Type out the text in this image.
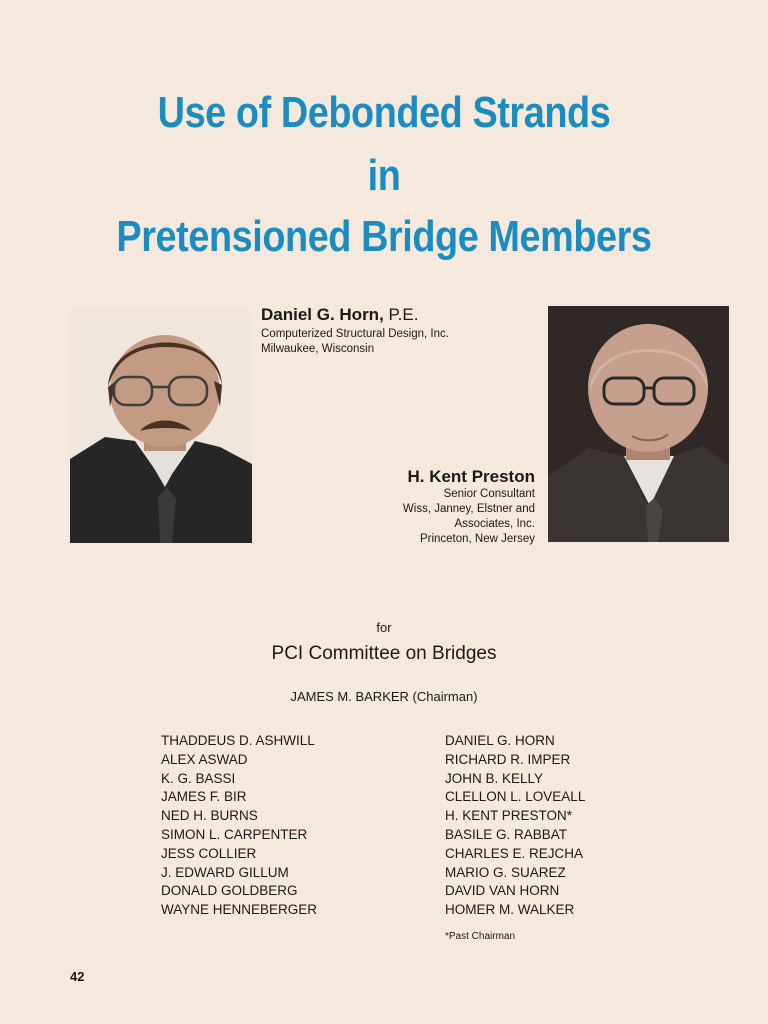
Use of Debonded Strands
in
Pretensioned Bridge Members
Daniel G. Horn, P.E.
Computerized Structural Design, Inc.
Milwaukee, Wisconsin
H. Kent Preston
Senior Consultant
Wiss, Janney, Elstner and
Associates, Inc.
Princeton, New Jersey
for
PCI Committee on Bridges
JAMES M. BARKER (Chairman)
THADDEUS D. ASHWILL
ALEX ASWAD
K. G. BASSI
JAMES F. BIR
NED H. BURNS
SIMON L. CARPENTER
JESS COLLIER
J. EDWARD GILLUM
DONALD GOLDBERG
WAYNE HENNEBERGER
DANIEL G. HORN
RICHARD R. IMPER
JOHN B. KELLY
CLELLON L. LOVEALL
H. KENT PRESTON*
BASILE G. RABBAT
CHARLES E. REJCHA
MARIO G. SUAREZ
DAVID VAN HORN
HOMER M. WALKER
*Past Chairman
42
